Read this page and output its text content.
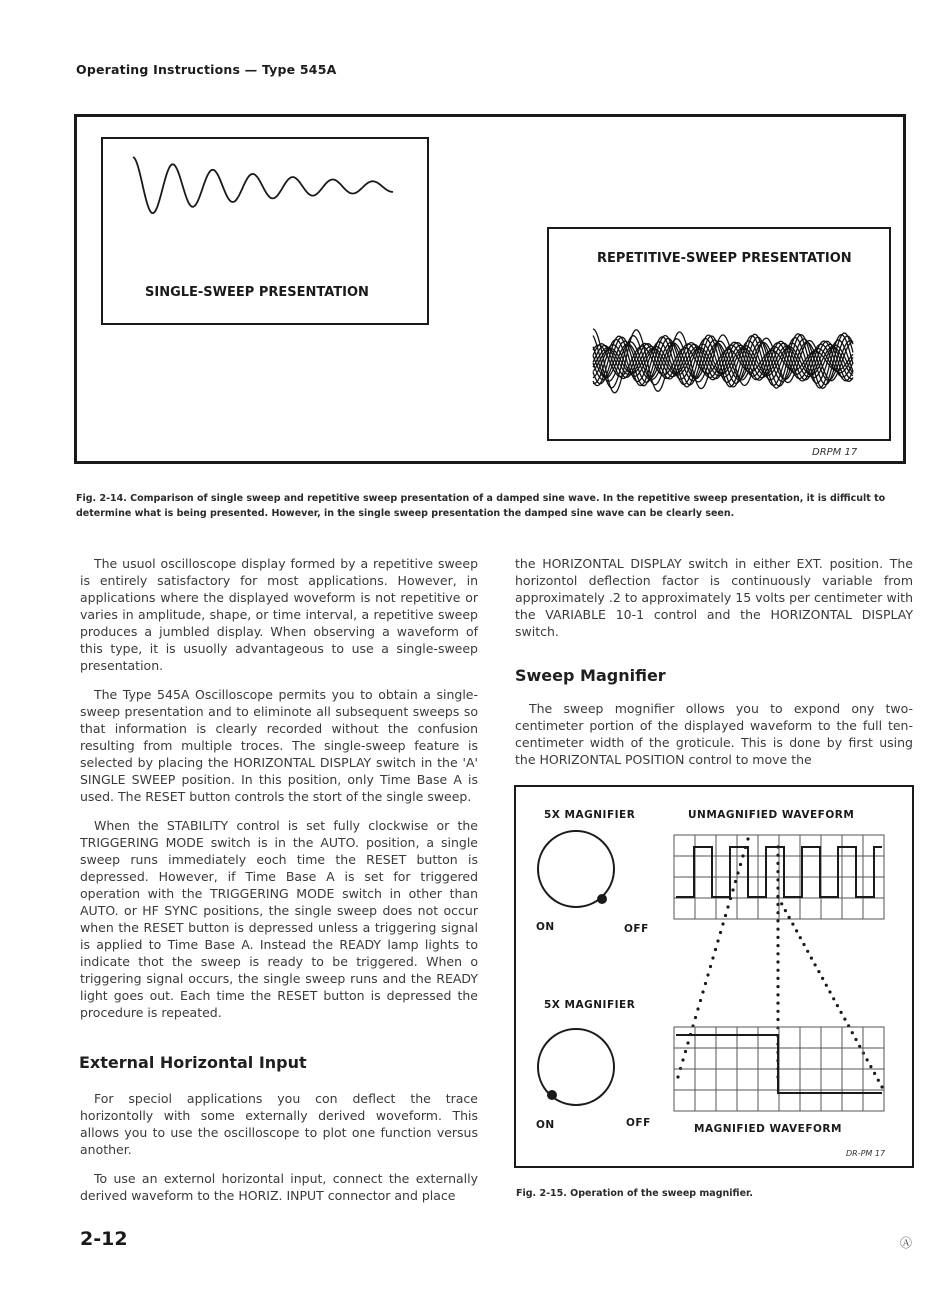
Operating Instructions — Type 545A
SINGLE-SWEEP PRESENTATION
REPETITIVE-SWEEP PRESENTATION
DRPM 17
Fig. 2-14. Comparison of single sweep and repetitive sweep presentation of a damped sine wave. In the repetitive sweep presentation, it is difficult to determine what is being presented. However, in the single sweep presentation the damped sine wave can be clearly seen.

The usuol oscilloscope display formed by a repetitive sweep is entirely satisfactory for most applications. However, in applications where the displayed woveform is not repetitive or varies in amplitude, shape, or time interval, a repetitive sweep produces a jumbled display. When observing a waveform of this type, it is usuolly advantageous to use a single-sweep presentation.

The Type 545A Oscilloscope permits you to obtain a single-sweep presentation and to eliminote all subsequent sweeps so that information is clearly recorded without the confusion resulting from multiple troces. The single-sweep feature is selected by placing the HORIZONTAL DISPLAY switch in the 'A' SINGLE SWEEP position. In this position, only Time Base A is used. The RESET button controls the stort of the single sweep.

When the STABILITY control is set fully clockwise or the TRIGGERING MODE switch is in the AUTO. position, a single sweep runs immediately eoch time the RESET button is depressed. However, if Time Base A is set for triggered operation with the TRIGGERING MODE switch in other than AUTO. or HF SYNC positions, the single sweep does not occur when the RESET button is depressed unless a triggering signal is applied to Time Base A. Instead the READY lamp lights to indicate thot the sweep is ready to be triggered. When o triggering signal occurs, the single sweep runs and the READY light goes out. Each time the RESET button is depressed the procedure is repeated.

External Horizontal Input

For speciol applications you con deflect the trace horizontolly with some externally derived woveform. This allows you to use the oscilloscope to plot one function versus another.

To use an externol horizontal input, connect the externally derived waveform to the HORIZ. INPUT connector and place

the HORIZONTAL DISPLAY switch in either EXT. position. The horizontol deflection factor is continuously variable from approximately .2 to approximately 15 volts per centimeter with the VARIABLE 10-1 control and the HORIZONTAL DISPLAY switch.

Sweep Magnifier

The sweep mognifier ollows you to expond ony two-centimeter portion of the displayed waveform to the full ten-centimeter width of the groticule. This is done by first using the HORIZONTAL POSITION control to move the

5X MAGNIFIER	UNMAGNIFIED WAVEFORM
ON	OFF
5X MAGNIFIER
ON	OFF	MAGNIFIED WAVEFORM
DR-PM 17
Fig. 2-15. Operation of the sweep magnifier.
2-12	Ⓐ
